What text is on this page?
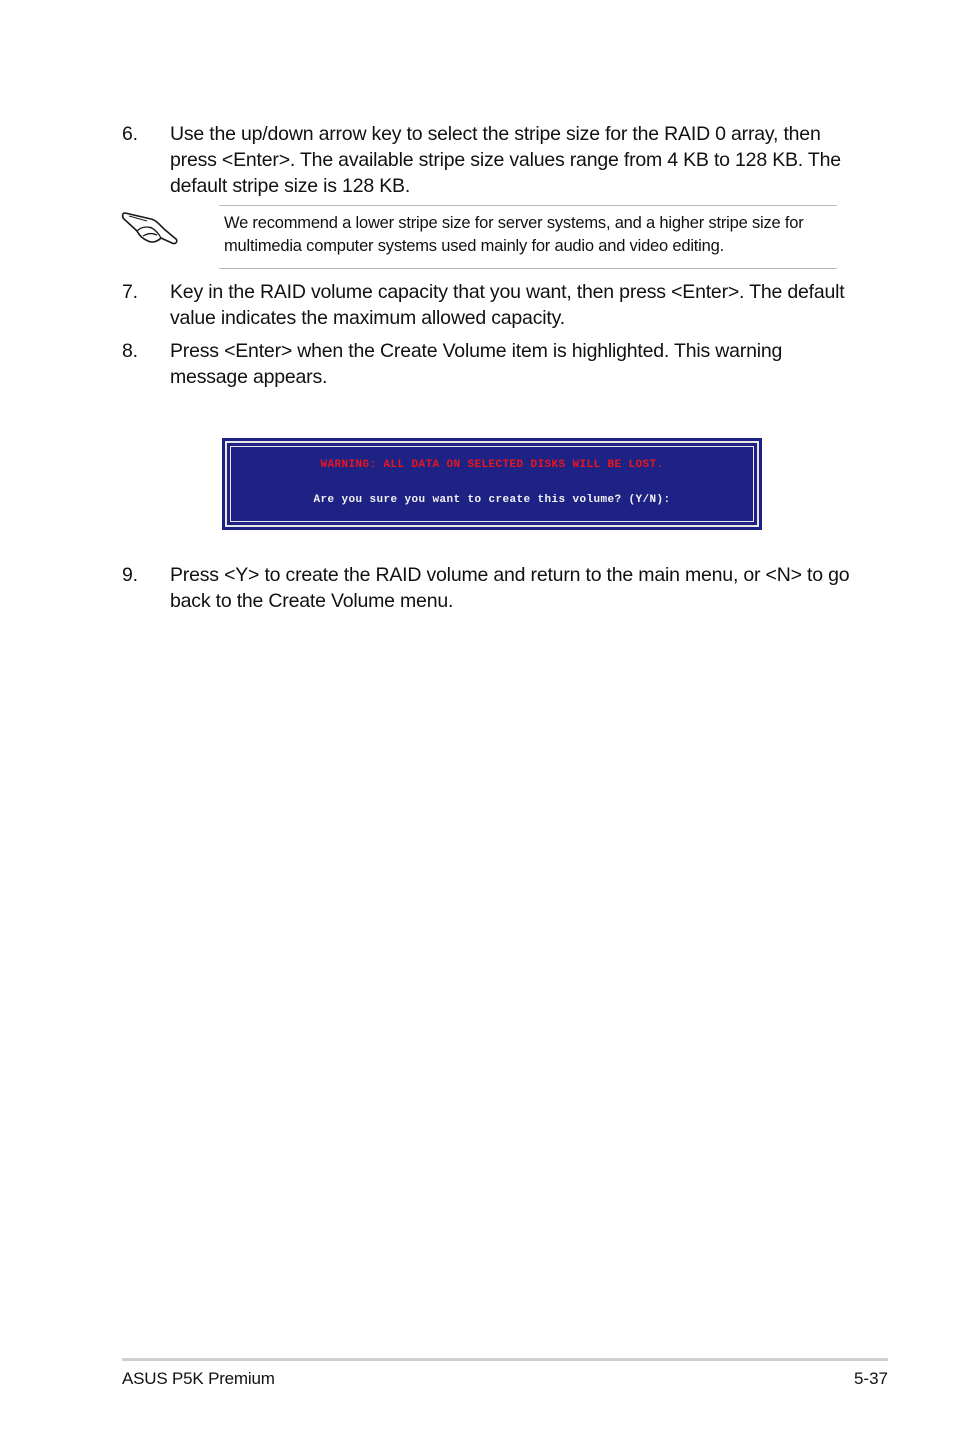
6. Use the up/down arrow key to select the stripe size for the RAID 0 array, then press <Enter>. The available stripe size values range from 4 KB to 128 KB. The default stripe size is 128 KB.
We recommend a lower stripe size for server systems, and a higher stripe size for multimedia computer systems used mainly for audio and video editing.
7. Key in the RAID volume capacity that you want, then press <Enter>. The default value indicates the maximum allowed capacity.
8. Press <Enter> when the Create Volume item is highlighted. This warning message appears.
WARNING: ALL DATA ON SELECTED DISKS WILL BE LOST.
Are you sure you want to create this volume? (Y/N):
9. Press <Y> to create the RAID volume and return to the main menu, or <N> to go back to the Create Volume menu.
ASUS P5K Premium	5-37
